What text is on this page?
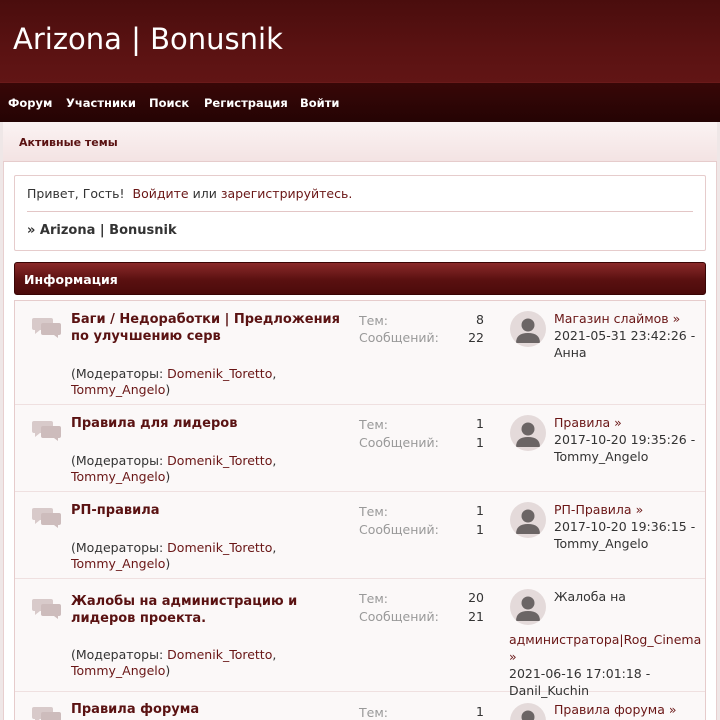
Arizona | Bonusnik
Форум Участники Поиск Регистрация Войти
Активные темы
Привет, Гость! Войдите или зарегистрируйтесь.
» Arizona | Bonusnik
Информация
Баги / Недоработки | Предложения по улучшению серв
(Модераторы: Domenik_Toretto,
Tommy_Angelo)
Тем:	8
Сообщений: 22
Магазин слаймов »
2021-05-31 23:42:26 -
Анна
Правила для лидеров
(Модераторы: Domenik_Toretto,
Tommy_Angelo)
Тем:	1
Сообщений:	1
Правила »
2017-10-20 19:35:26 -
Tommy_Angelo
РП-правила
(Модераторы: Domenik_Toretto,
Tommy_Angelo)
Тем:	1
Сообщений:	1
РП-Правила »
2017-10-20 19:36:15 -
Tommy_Angelo
Жалобы на администрацию и лидеров проекта.
(Модераторы: Domenik_Toretto,
Tommy_Angelo)
Тем:	20
Сообщений: 21
Жалоба на
администратора|Rog_Cinema »
2021-06-16 17:01:18 -
Danil_Kuchin
Правила форума	Тем:	1	Правила форума »
